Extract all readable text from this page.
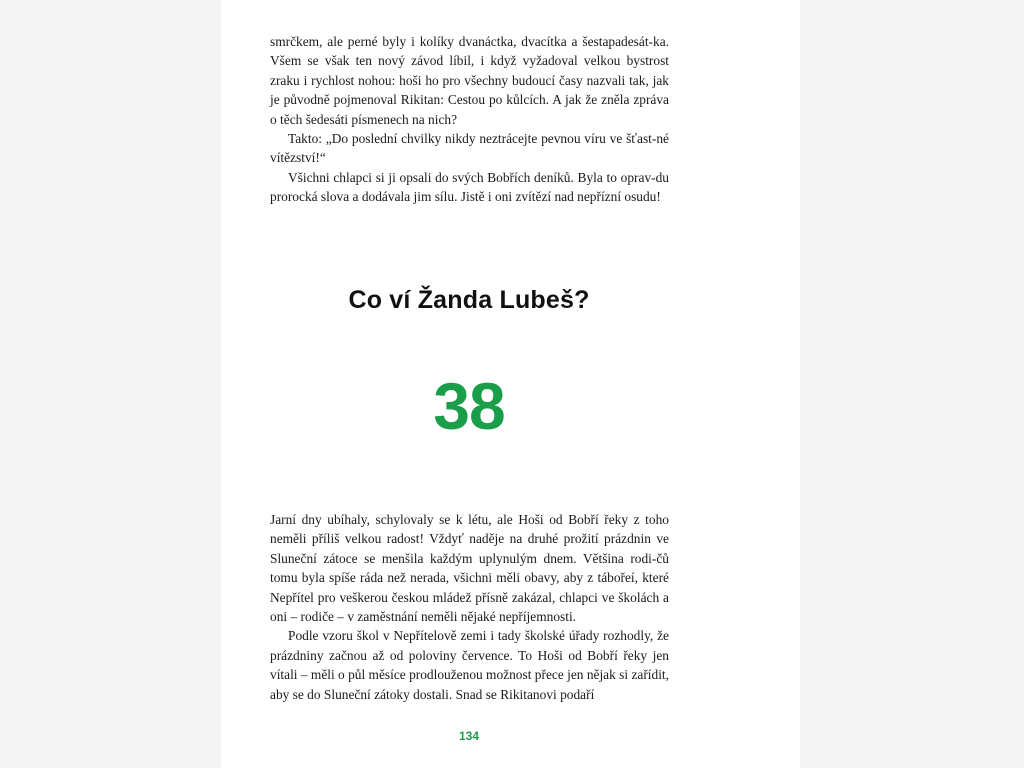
smrčkem, ale perné byly i kolíky dvanáctka, dvacítka a šestapadesát-ka. Všem se však ten nový závod líbil, i když vyžadoval velkou bystrost zraku i rychlost nohou: hoši ho pro všechny budoucí časy nazvali tak, jak je původně pojmenoval Rikitan: Cestou po kůlcích. A jak že zněla zpráva o těch šedesáti písmenech na nich?

Takto: „Do poslední chvilky nikdy neztrácejte pevnou víru ve šťast-né vítězství!“

Všichni chlapci si ji opsali do svých Bobřích deníků. Byla to oprav-du prorocká slova a dodávala jim sílu. Jistě i oni zvítězí nad nepřízní osudu!

Co ví Žanda Lubeš?
38

Jarní dny ubíhaly, schylovaly se k létu, ale Hoši od Bobří řeky z toho neměli příliš velkou radost! Vždyť naděje na druhé prožití prázdnin ve Sluneční zátoce se menšila každým uplynulým dnem. Většina rodi-čů tomu byla spíše ráda než nerada, všichni měli obavy, aby z tábořeí, které Nepřítel pro veškerou českou mládež přísně zakázal, chlapci ve školách a oni – rodiče – v zaměstnání neměli nějaké nepříjemnosti.

Podle vzoru škol v Nepřítelově zemi i tady školské úřady rozhodly, že prázdniny začnou až od poloviny července. To Hoši od Bobří řeky jen vítali – měli o půl měsíce prodlouženou možnost přece jen nějak si zařídit, aby se do Sluneční zátoky dostali. Snad se Rikitanovi podaří

134
